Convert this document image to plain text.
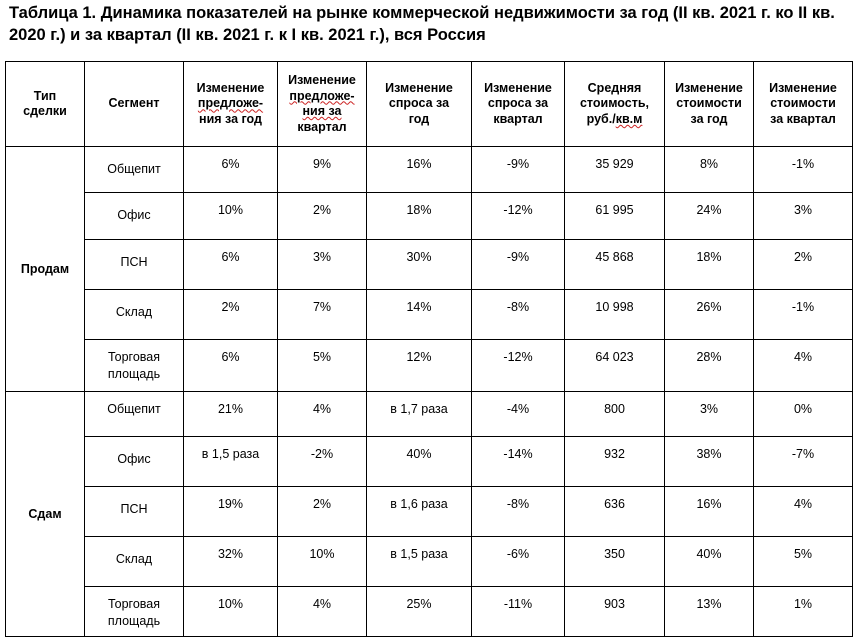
Таблица 1. Динамика показателей на рынке коммерческой недвижимости за год (II кв. 2021 г. ко II кв. 2020 г.) и за квартал (II кв. 2021 г. к I кв. 2021 г.), вся Россия
Тип
сделки	Сегмент	Изменение
предложе-
ния за год	Изменение
предложе-
ния за
квартал	Изменение
спроса за
год	Изменение
спроса за
квартал	Средняя
стоимость,
руб./кв.м	Изменение
стоимости
за год	Изменение
стоимости
за квартал
Продам	Общепит	6%	9%	16%	-9%	35 929	8%	-1%
	Офис	10%	2%	18%	-12%	61 995	24%	3%
	ПСН	6%	3%	30%	-9%	45 868	18%	2%
	Склад	2%	7%	14%	-8%	10 998	26%	-1%
	Торговая
площадь	6%	5%	12%	-12%	64 023	28%	4%
Сдам	Общепит	21%	4%	в 1,7 раза	-4%	800	3%	0%
	Офис	в 1,5 раза	-2%	40%	-14%	932	38%	-7%
	ПСН	19%	2%	в 1,6 раза	-8%	636	16%	4%
	Склад	32%	10%	в 1,5 раза	-6%	350	40%	5%
	Торговая
площадь	10%	4%	25%	-11%	903	13%	1%
